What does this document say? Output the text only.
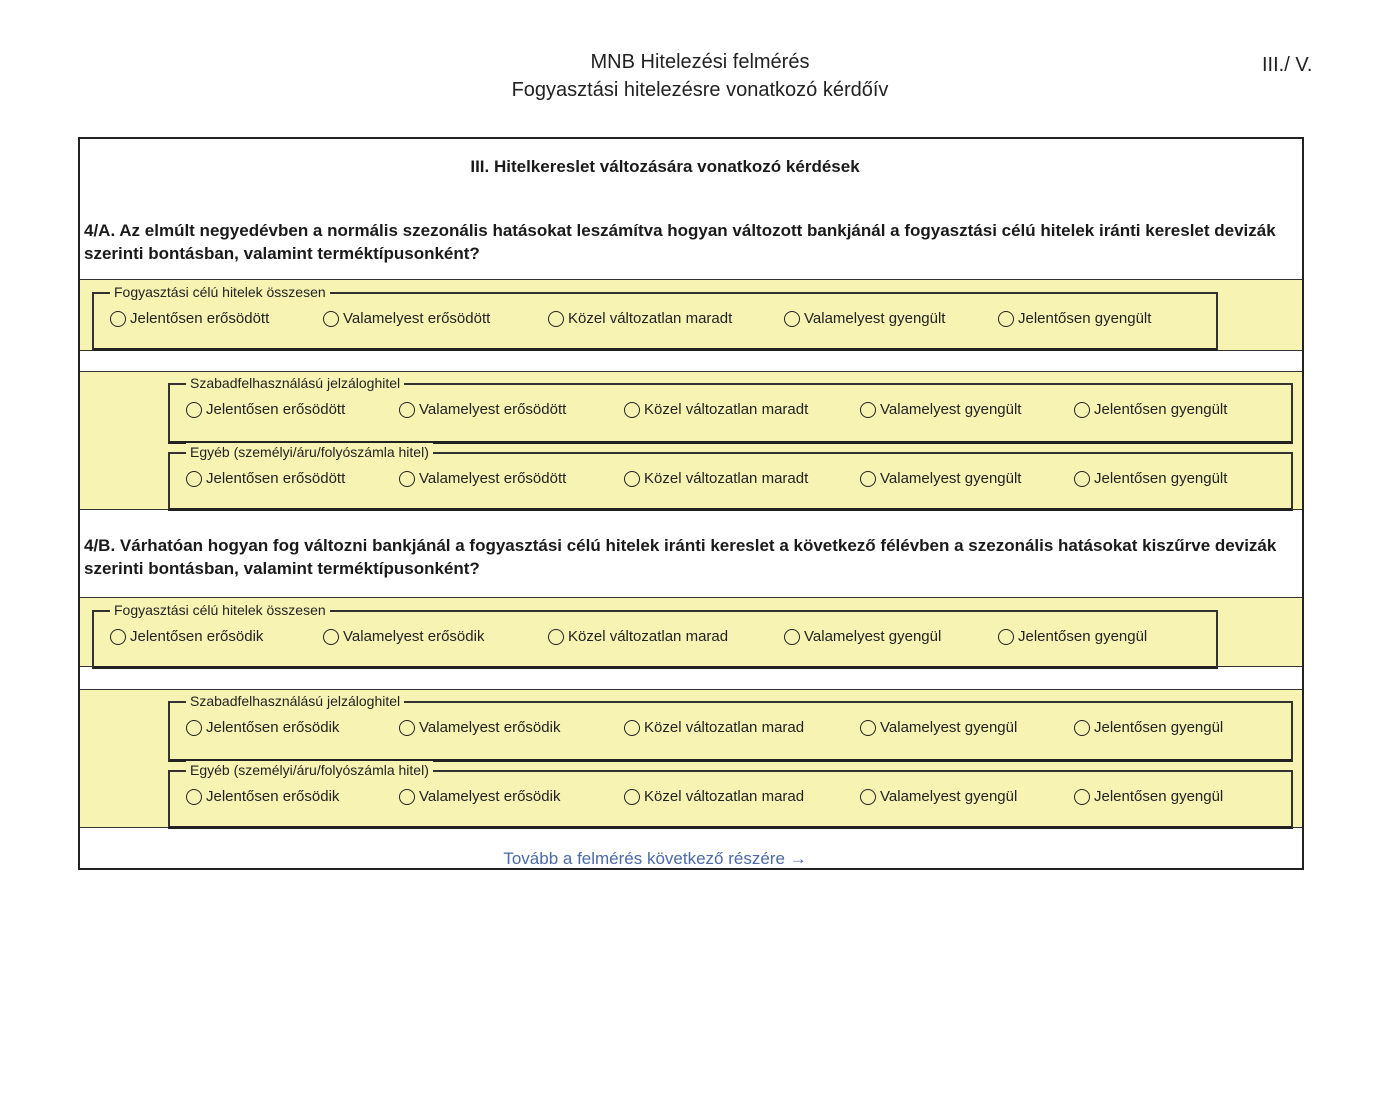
MNB Hitelezési felmérés
Fogyasztási hitelezésre vonatkozó kérdőív
III./ V.
III. Hitelkereslet változására vonatkozó kérdések
4/A. Az elmúlt negyedévben a normális szezonális hatásokat leszámítva hogyan változott bankjánál a fogyasztási célú hitelek iránti kereslet devizák szerinti bontásban, valamint terméktípusonként?
Fogyasztási célú hitelek összesen
Jelentősen erősödött	Valamelyest erősödött	Közel változatlan maradt	Valamelyest gyengült	Jelentősen gyengült
Szabadfelhasználású jelzáloghitel
Jelentősen erősödött	Valamelyest erősödött	Közel változatlan maradt	Valamelyest gyengült	Jelentősen gyengült
Egyéb (személyi/áru/folyószámla hitel)
Jelentősen erősödött	Valamelyest erősödött	Közel változatlan maradt	Valamelyest gyengült	Jelentősen gyengült
4/B. Várhatóan hogyan fog változni bankjánál a fogyasztási célú hitelek iránti kereslet a következő félévben a szezonális hatásokat kiszűrve devizák szerinti bontásban, valamint terméktípusonként?
Fogyasztási célú hitelek összesen
Jelentősen erősödik	Valamelyest erősödik	Közel változatlan marad	Valamelyest gyengül	Jelentősen gyengül
Szabadfelhasználású jelzáloghitel
Jelentősen erősödik	Valamelyest erősödik	Közel változatlan marad	Valamelyest gyengül	Jelentősen gyengül
Egyéb (személyi/áru/folyószámla hitel)
Jelentősen erősödik	Valamelyest erősödik	Közel változatlan marad	Valamelyest gyengül	Jelentősen gyengül
Tovább a felmérés következő részére →
